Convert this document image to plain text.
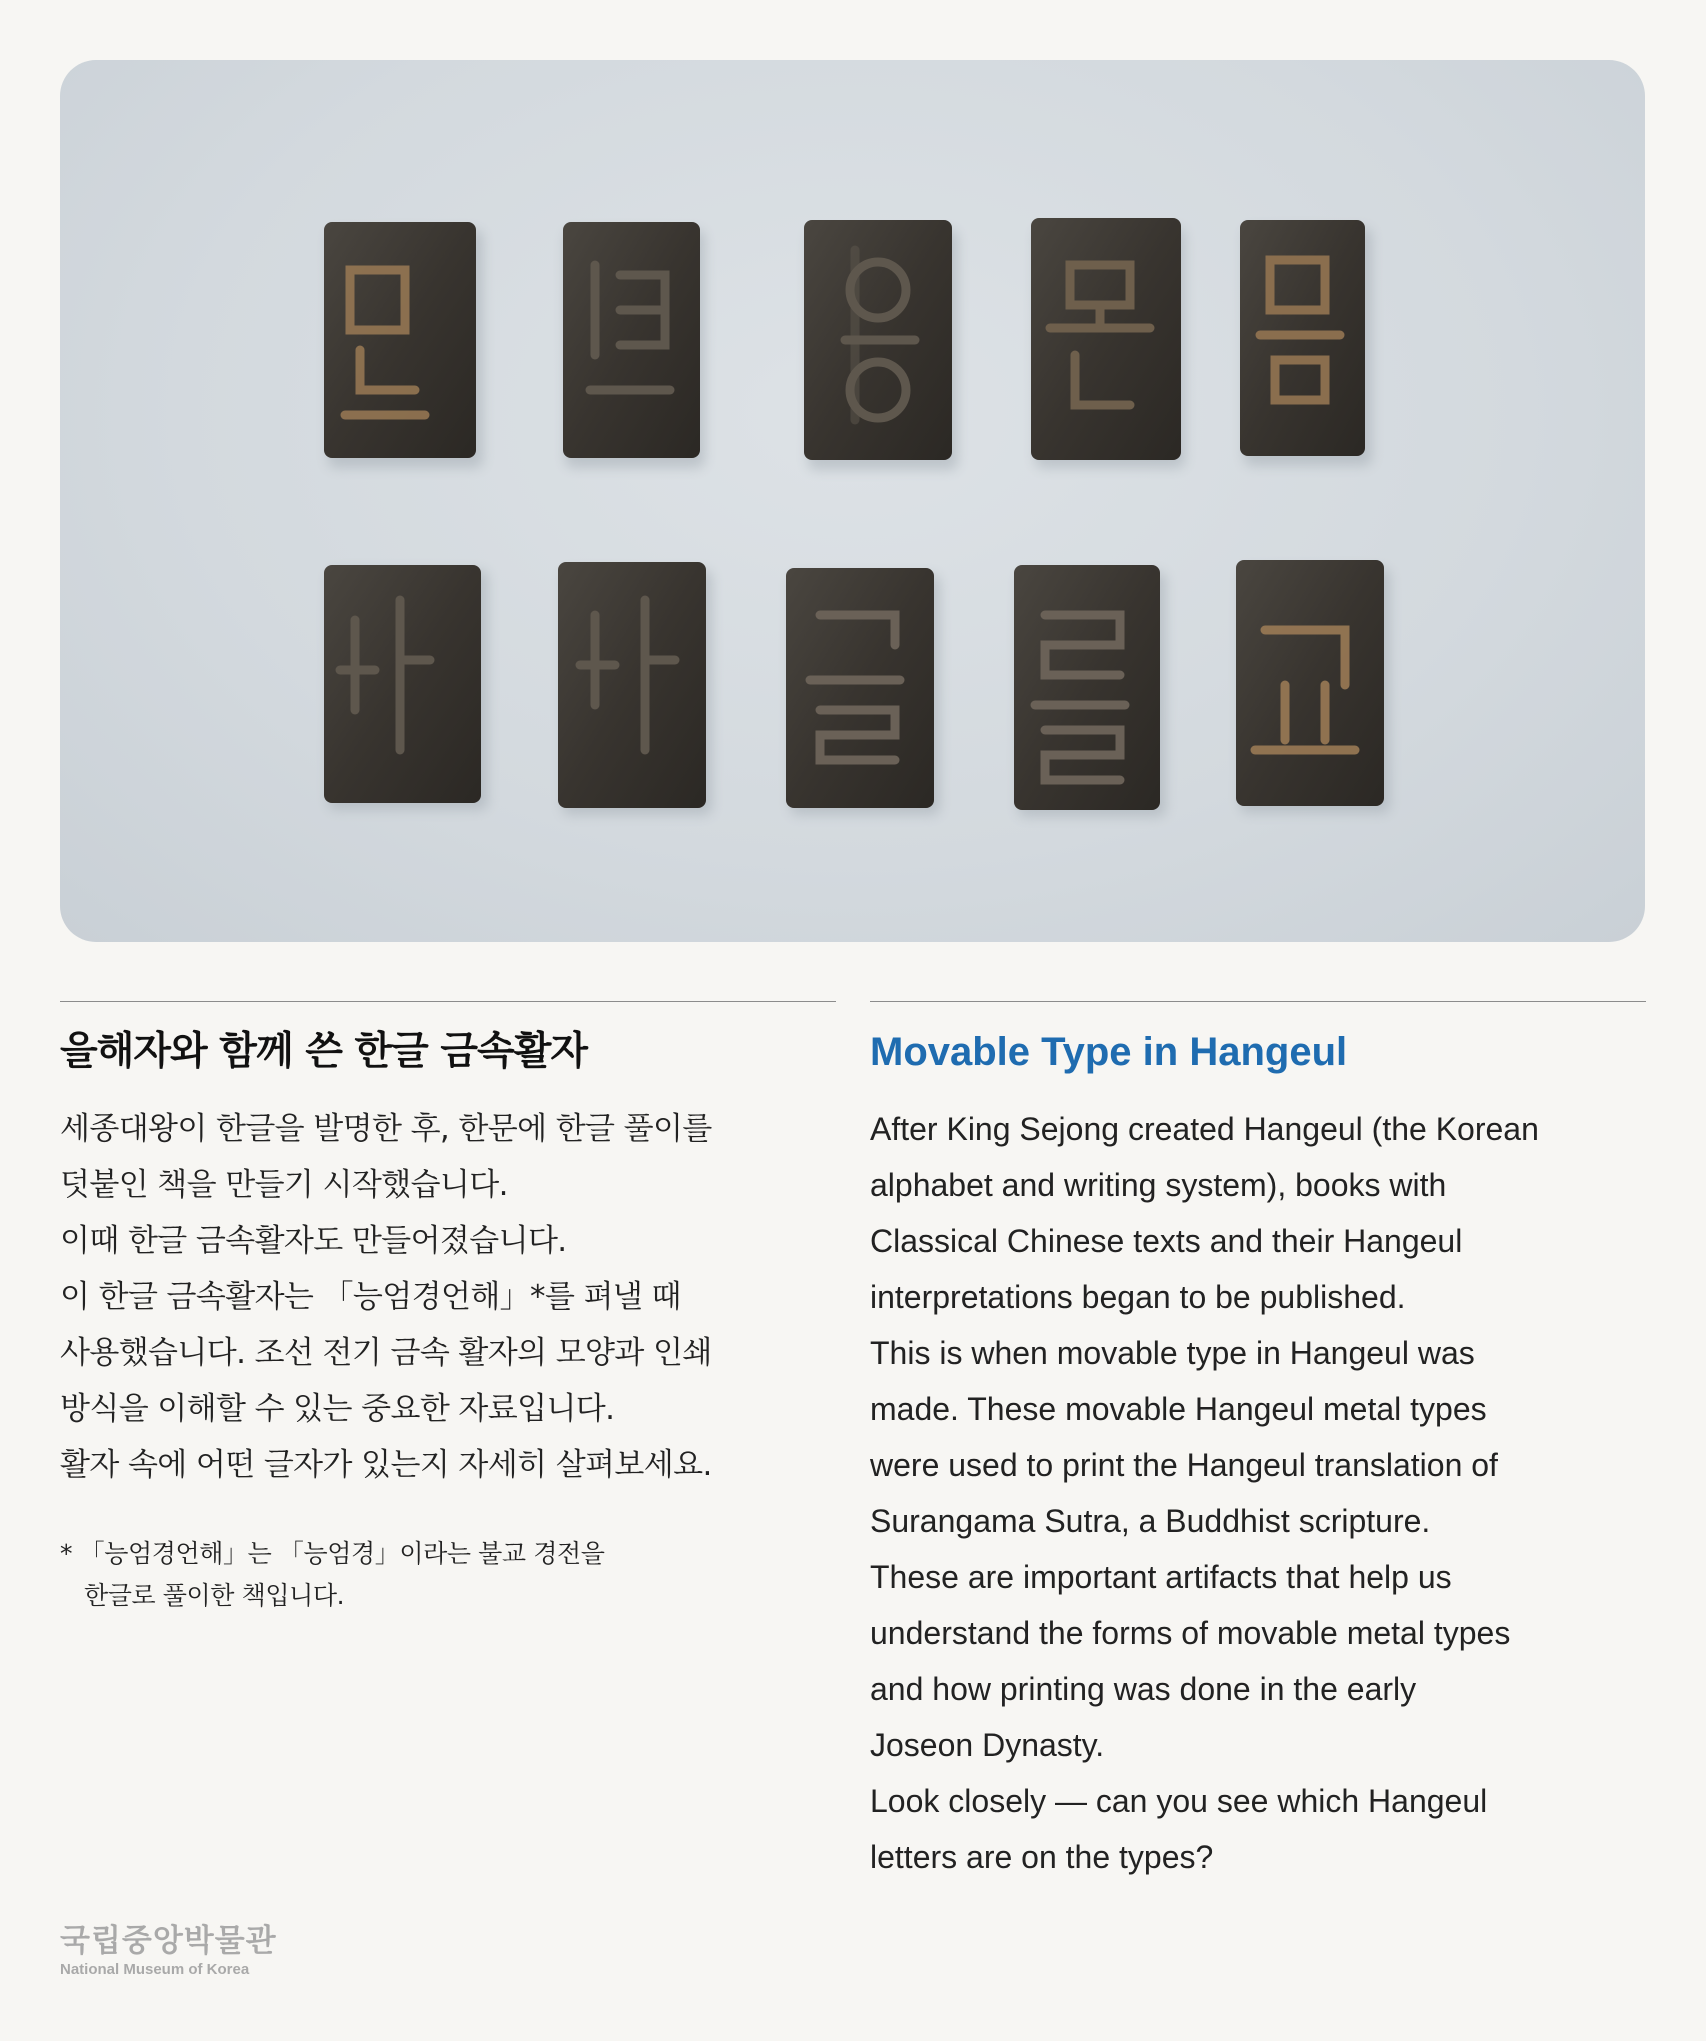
을해자와 함께 쓴 한글 금속활자
세종대왕이 한글을 발명한 후, 한문에 한글 풀이를
덧붙인 책을 만들기 시작했습니다.
이때 한글 금속활자도 만들어졌습니다.
이 한글 금속활자는 「능엄경언해」*를 펴낼 때
사용했습니다. 조선 전기 금속 활자의 모양과 인쇄
방식을 이해할 수 있는 중요한 자료입니다.
활자 속에 어떤 글자가 있는지 자세히 살펴보세요.
* 「능엄경언해」는 「능엄경」이라는 불교 경전을
한글로 풀이한 책입니다.
Movable Type in Hangeul
After King Sejong created Hangeul (the Korean
alphabet and writing system), books with
Classical Chinese texts and their Hangeul
interpretations began to be published.
This is when movable type in Hangeul was
made. These movable Hangeul metal types
were used to print the Hangeul translation of
Surangama Sutra, a Buddhist scripture.
These are important artifacts that help us
understand the forms of movable metal types
and how printing was done in the early
Joseon Dynasty.
Look closely — can you see which Hangeul
letters are on the types?
국립중앙박물관
National Museum of Korea
